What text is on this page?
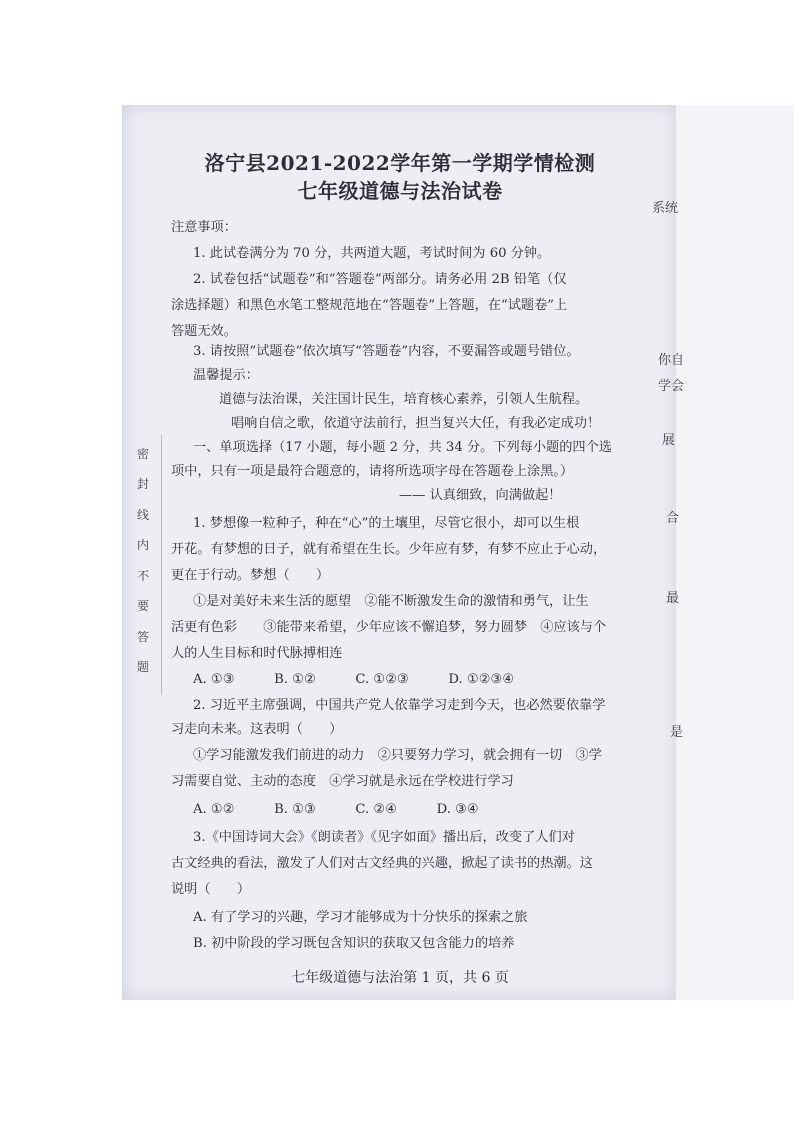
洛宁县2021-2022学年第一学期学情检测
七年级道德与法治试卷
密
封
线
内
不
要
答
题
注意事项：
1. 此试卷满分为 70 分，共两道大题，考试时间为 60 分钟。
2. 试卷包括“试题卷”和“答题卷”两部分。请务必用 2B 铅笔（仅
涂选择题）和黑色水笔工整规范地在“答题卷”上答题，在“试题卷”上
答题无效。
3. 请按照“试题卷”依次填写“答题卷”内容，不要漏答或题号错位。
温馨提示：
道德与法治课，关注国计民生，培育核心素养，引领人生航程。
唱响自信之歌，依道守法前行，担当复兴大任，有我必定成功！
一、单项选择（17 小题，每小题 2 分，共 34 分。下列每小题的四个选
项中，只有一项是最符合题意的，请将所选项字母在答题卷上涂黑。）
—— 认真细致，向满做起！
1. 梦想像一粒种子，种在“心”的土壤里，尽管它很小，却可以生根
开花。有梦想的日子，就有希望在生长。少年应有梦，有梦不应止于心动，
更在于行动。梦想（　　）
①是对美好未来生活的愿望　②能不断激发生命的激情和勇气，让生
活更有色彩　　③能带来希望，少年应该不懈追梦，努力圆梦　④应该与个
人的人生目标和时代脉搏相连
A. ①③　　　B. ①②　　　C. ①②③　　　D. ①②③④
2. 习近平主席强调，中国共产党人依靠学习走到今天，也必然要依靠学
习走向未来。这表明（　　）
①学习能激发我们前进的动力　②只要努力学习，就会拥有一切　③学
习需要自觉、主动的态度　④学习就是永远在学校进行学习
A. ①②　　　B. ①③　　　C. ②④　　　D. ③④
3.《中国诗词大会》《朗读者》《见字如面》播出后，改变了人们对
古文经典的看法，激发了人们对古文经典的兴趣，掀起了读书的热潮。这
说明（　　）
A. 有了学习的兴趣，学习才能够成为十分快乐的探索之旅
B. 初中阶段的学习既包含知识的获取又包含能力的培养
七年级道德与法治第 1 页，共 6 页
系统
你自
学会
展
合
最
是
